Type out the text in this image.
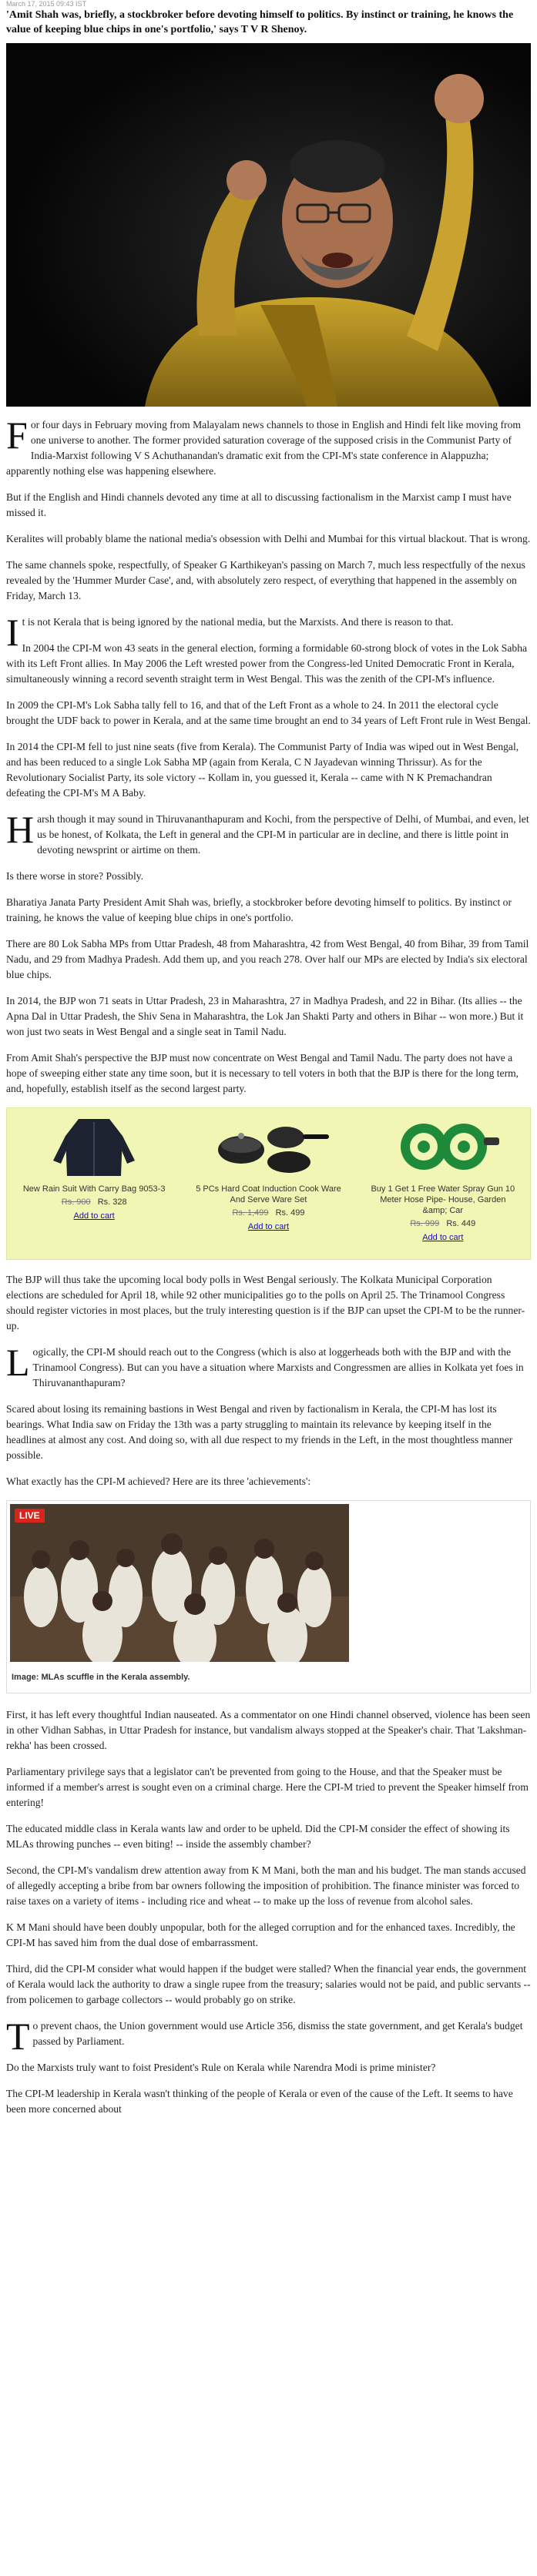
March 17, 2015 09:43 IST
'Amit Shah was, briefly, a stockbroker before devoting himself to politics. By instinct or training, he knows the value of keeping blue chips in one's portfolio,' says T V R Shenoy.

For four days in February moving from Malayalam news channels to those in English and Hindi felt like moving from one universe to another. The former provided saturation coverage of the supposed crisis in the Communist Party of India-Marxist following V S Achuthanandan's dramatic exit from the CPI-M's state conference in Alappuzha; apparently nothing else was happening elsewhere.

But if the English and Hindi channels devoted any time at all to discussing factionalism in the Marxist camp I must have missed it.

Keralites will probably blame the national media's obsession with Delhi and Mumbai for this virtual blackout. That is wrong.

The same channels spoke, respectfully, of Speaker G Karthikeyan's passing on March 7, much less respectfully of the nexus revealed by the 'Hummer Murder Case', and, with absolutely zero respect, of everything that happened in the assembly on Friday, March 13.

It is not Kerala that is being ignored by the national media, but the Marxists. And there is reason to that.

In 2004 the CPI-M won 43 seats in the general election, forming a formidable 60-strong block of votes in the Lok Sabha with its Left Front allies. In May 2006 the Left wrested power from the Congress-led United Democratic Front in Kerala, simultaneously winning a record seventh straight term in West Bengal. This was the zenith of the CPI-M's influence.

In 2009 the CPI-M's Lok Sabha tally fell to 16, and that of the Left Front as a whole to 24. In 2011 the electoral cycle brought the UDF back to power in Kerala, and at the same time brought an end to 34 years of Left Front rule in West Bengal.

In 2014 the CPI-M fell to just nine seats (five from Kerala). The Communist Party of India was wiped out in West Bengal, and has been reduced to a single Lok Sabha MP (again from Kerala, C N Jayadevan winning Thrissur). As for the Revolutionary Socialist Party, its sole victory -- Kollam in, you guessed it, Kerala -- came with N K Premachandran defeating the CPI-M's M A Baby.

Harsh though it may sound in Thiruvananthapuram and Kochi, from the perspective of Delhi, of Mumbai, and even, let us be honest, of Kolkata, the Left in general and the CPI-M in particular are in decline, and there is little point in devoting newsprint or airtime on them.

Is there worse in store? Possibly.

Bharatiya Janata Party President Amit Shah was, briefly, a stockbroker before devoting himself to politics. By instinct or training, he knows the value of keeping blue chips in one's portfolio.

There are 80 Lok Sabha MPs from Uttar Pradesh, 48 from Maharashtra, 42 from West Bengal, 40 from Bihar, 39 from Tamil Nadu, and 29 from Madhya Pradesh. Add them up, and you reach 278. Over half our MPs are elected by India's six electoral blue chips.

In 2014, the BJP won 71 seats in Uttar Pradesh, 23 in Maharashtra, 27 in Madhya Pradesh, and 22 in Bihar. (Its allies -- the Apna Dal in Uttar Pradesh, the Shiv Sena in Maharashtra, the Lok Jan Shakti Party and others in Bihar -- won more.) But it won just two seats in West Bengal and a single seat in Tamil Nadu.

From Amit Shah's perspective the BJP must now concentrate on West Bengal and Tamil Nadu. The party does not have a hope of sweeping either state any time soon, but it is necessary to tell voters in both that the BJP is there for the long term, and, hopefully, establish itself as the second largest party.

New Rain Suit With Carry Bag 9053-3
Rs. 900 Rs. 328
Add to cart
5 PCs Hard Coat Induction Cook Ware And Serve Ware Set
Rs. 1,499 Rs. 499
Add to cart
Buy 1 Get 1 Free Water Spray Gun 10 Meter Hose Pipe- House, Garden &amp; Car
Rs. 999 Rs. 449
Add to cart

The BJP will thus take the upcoming local body polls in West Bengal seriously. The Kolkata Municipal Corporation elections are scheduled for April 18, while 92 other municipalities go to the polls on April 25. The Trinamool Congress should register victories in most places, but the truly interesting question is if the BJP can upset the CPI-M to be the runner-up.

Logically, the CPI-M should reach out to the Congress (which is also at loggerheads both with the BJP and with the Trinamool Congress). But can you have a situation where Marxists and Congressmen are allies in Kolkata yet foes in Thiruvananthapuram?

Scared about losing its remaining bastions in West Bengal and riven by factionalism in Kerala, the CPI-M has lost its bearings. What India saw on Friday the 13th was a party struggling to maintain its relevance by keeping itself in the headlines at almost any cost. And doing so, with all due respect to my friends in the Left, in the most thoughtless manner possible.

What exactly has the CPI-M achieved? Here are its three 'achievements':

LIVE
Image: MLAs scuffle in the Kerala assembly.

First, it has left every thoughtful Indian nauseated. As a commentator on one Hindi channel observed, violence has been seen in other Vidhan Sabhas, in Uttar Pradesh for instance, but vandalism always stopped at the Speaker's chair. That 'Lakshman-rekha' has been crossed.

Parliamentary privilege says that a legislator can't be prevented from going to the House, and that the Speaker must be informed if a member's arrest is sought even on a criminal charge. Here the CPI-M tried to prevent the Speaker himself from entering!

The educated middle class in Kerala wants law and order to be upheld. Did the CPI-M consider the effect of showing its MLAs throwing punches -- even biting! -- inside the assembly chamber?

Second, the CPI-M's vandalism drew attention away from K M Mani, both the man and his budget. The man stands accused of allegedly accepting a bribe from bar owners following the imposition of prohibition. The finance minister was forced to raise taxes on a variety of items - including rice and wheat -- to make up the loss of revenue from alcohol sales.

K M Mani should have been doubly unpopular, both for the alleged corruption and for the enhanced taxes. Incredibly, the CPI-M has saved him from the dual dose of embarrassment.

Third, did the CPI-M consider what would happen if the budget were stalled? When the financial year ends, the government of Kerala would lack the authority to draw a single rupee from the treasury; salaries would not be paid, and public servants -- from policemen to garbage collectors -- would probably go on strike.

To prevent chaos, the Union government would use Article 356, dismiss the state government, and get Kerala's budget passed by Parliament.

Do the Marxists truly want to foist President's Rule on Kerala while Narendra Modi is prime minister?

The CPI-M leadership in Kerala wasn't thinking of the people of Kerala or even of the cause of the Left. It seems to have been more concerned about
